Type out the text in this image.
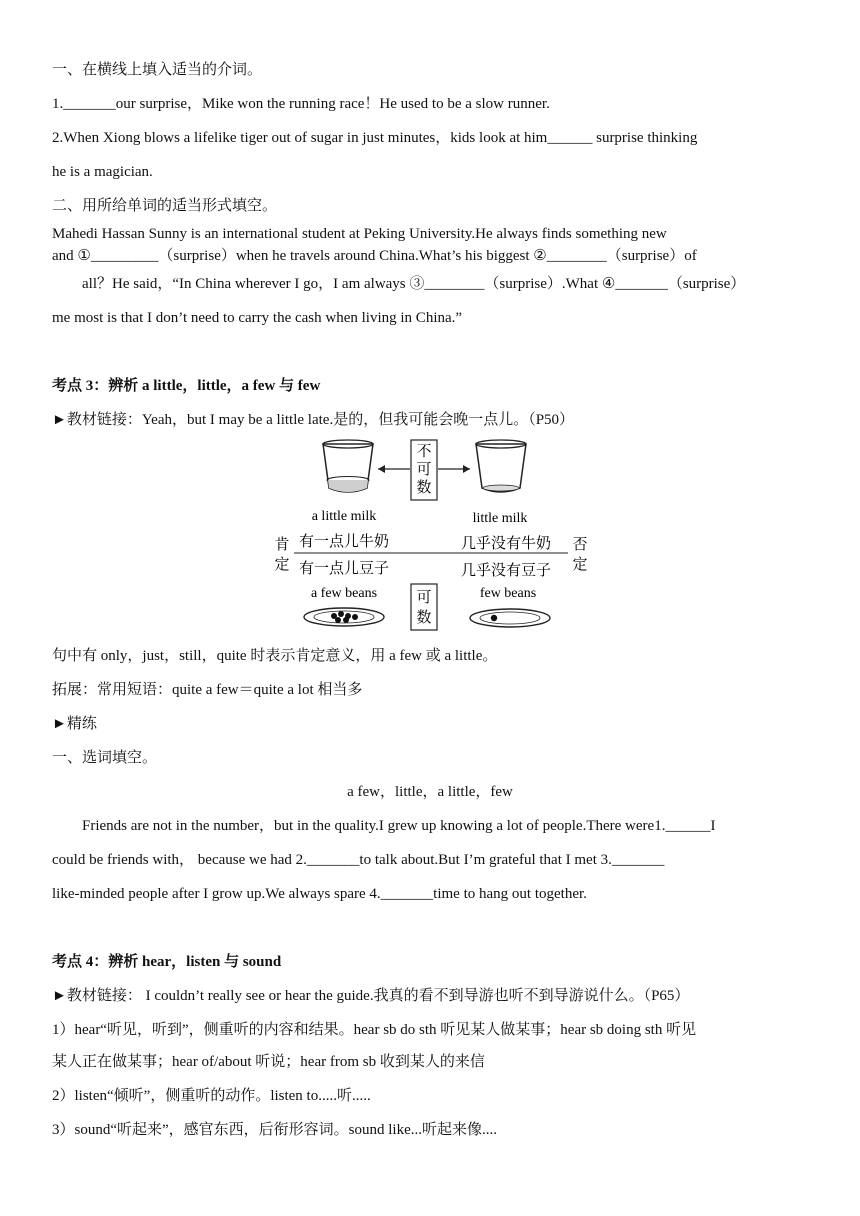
一、在横线上填入适当的介词。
1._______our surprise，Mike won the running race！He used to be a slow runner.
2.When Xiong blows a lifelike tiger out of sugar in just minutes，kids look at him______ surprise thinking
he is a magician.
二、用所给单词的适当形式填空。
Mahedi Hassan Sunny is an international student at Peking University.He always finds something new
and ①_________（surprise）when he travels around China.What’s his biggest ②________（surprise）of
all？He said，“In China wherever I go，I am always ③________（surprise）.What ④_______（surprise）
me most is that I don’t need to carry the cash when living in China.”
考点 3：辨析 a little，little，a few 与 few
►教材链接：Yeah，but I may be a little late.是的，但我可能会晚一点儿。（P50）
不
可
数
a little milk	little milk
肯
定
否
定
有一点儿牛奶	几乎没有牛奶
有一点儿豆子	几乎没有豆子
a few beans	few beans
可
数
句中有 only，just，still，quite 时表示肯定意义，用 a few 或 a little。
拓展：常用短语：quite a few＝quite a lot 相当多
►精练
一、选词填空。
a few，little，a little，few
Friends are not in the number，but in the quality.I grew up knowing a lot of people.There were1.______I
could be friends with， because we had 2._______to talk about.But I’m grateful that I met 3._______
like-minded people after I grow up.We always spare 4._______time to hang out together.
考点 4：辨析 hear，listen 与 sound
►教材链接： I couldn’t really see or hear the guide.我真的看不到导游也听不到导游说什么。（P65）
1）hear“听见，听到”，侧重听的内容和结果。hear sb do sth 听见某人做某事；hear sb doing sth 听见
某人正在做某事；hear of/about 听说；hear from sb 收到某人的来信
2）listen“倾听”，侧重听的动作。listen to.....听.....
3）sound“听起来”，感官东西，后衔形容词。sound like...听起来像....
